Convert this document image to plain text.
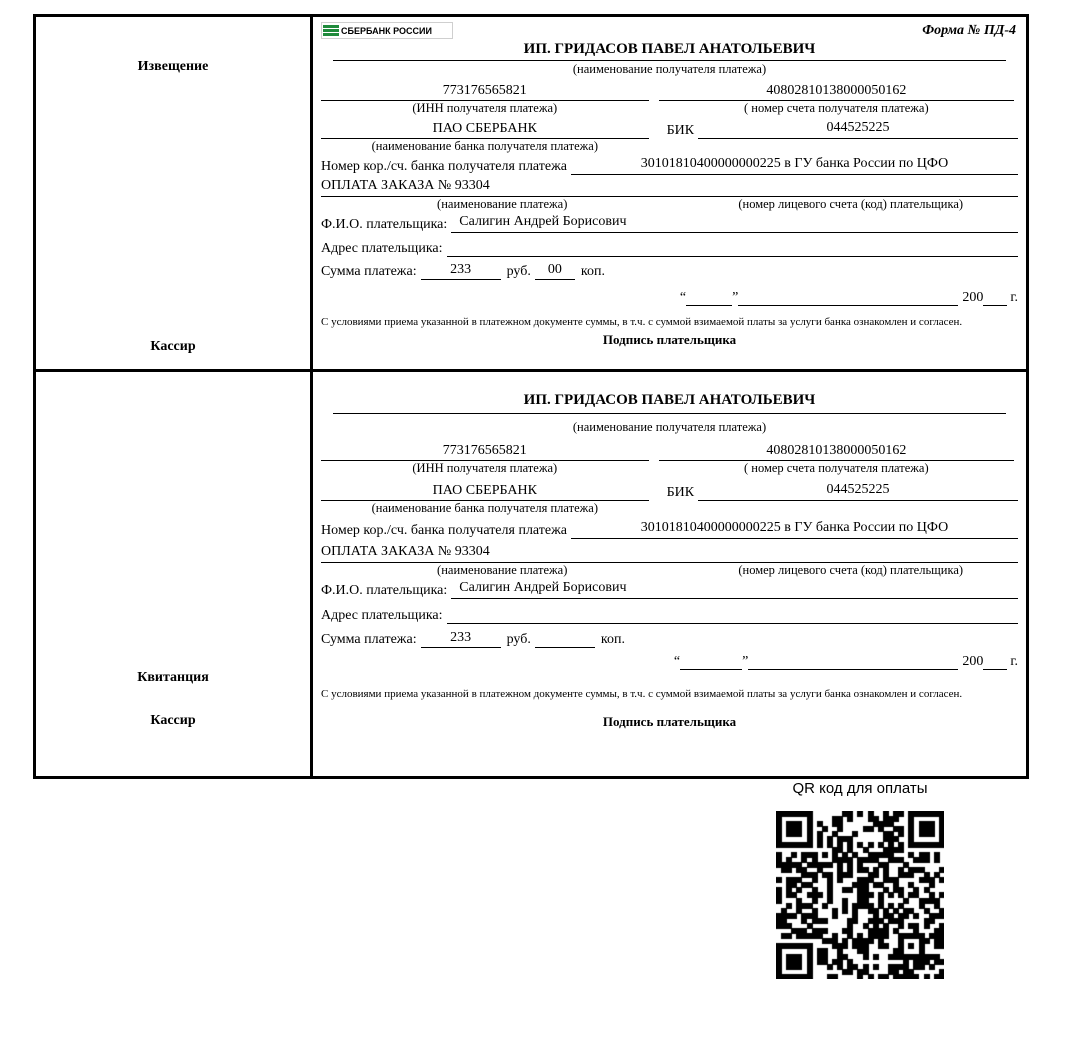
Извещение
Кассир
СБЕРБАНК РОССИИ	Форма № ПД-4
ИП. ГРИДАСОВ ПАВЕЛ АНАТОЛЬЕВИЧ
(наименование получателя платежа)
773176565821	40802810138000050162
(ИНН получателя платежа)	( номер счета получателя платежа)
ПАО СБЕРБАНК	БИК	044525225
(наименование банка получателя платежа)
Номер кор./сч. банка получателя платежа	30101810400000000225 в ГУ банка России по ЦФО
ОПЛАТА ЗАКАЗА № 93304
(наименование платежа)	(номер лицевого счета (код) плательщика)
Ф.И.О. плательщика: Салигин Андрей Борисович
Адрес плательщика:
Сумма платежа:	233	руб.	00	коп.
“	”	200 г.
С условиями приема указанной в платежном документе суммы, в т.ч. с суммой взимаемой платы за услуги банка ознакомлен и согласен.
Подпись плательщика
Квитанция
Кассир
ИП. ГРИДАСОВ ПАВЕЛ АНАТОЛЬЕВИЧ
(наименование получателя платежа)
773176565821	40802810138000050162
(ИНН получателя платежа)	( номер счета получателя платежа)
ПАО СБЕРБАНК	БИК	044525225
(наименование банка получателя платежа)
Номер кор./сч. банка получателя платежа	30101810400000000225 в ГУ банка России по ЦФО
ОПЛАТА ЗАКАЗА № 93304
(наименование платежа)	(номер лицевого счета (код) плательщика)
Ф.И.О. плательщика: Салигин Андрей Борисович
Адрес плательщика:
Сумма платежа:	233	руб.	коп.
“	”	200 г.
С условиями приема указанной в платежном документе суммы, в т.ч. с суммой взимаемой платы за услуги банка ознакомлен и согласен.
Подпись плательщика
QR код для оплаты
